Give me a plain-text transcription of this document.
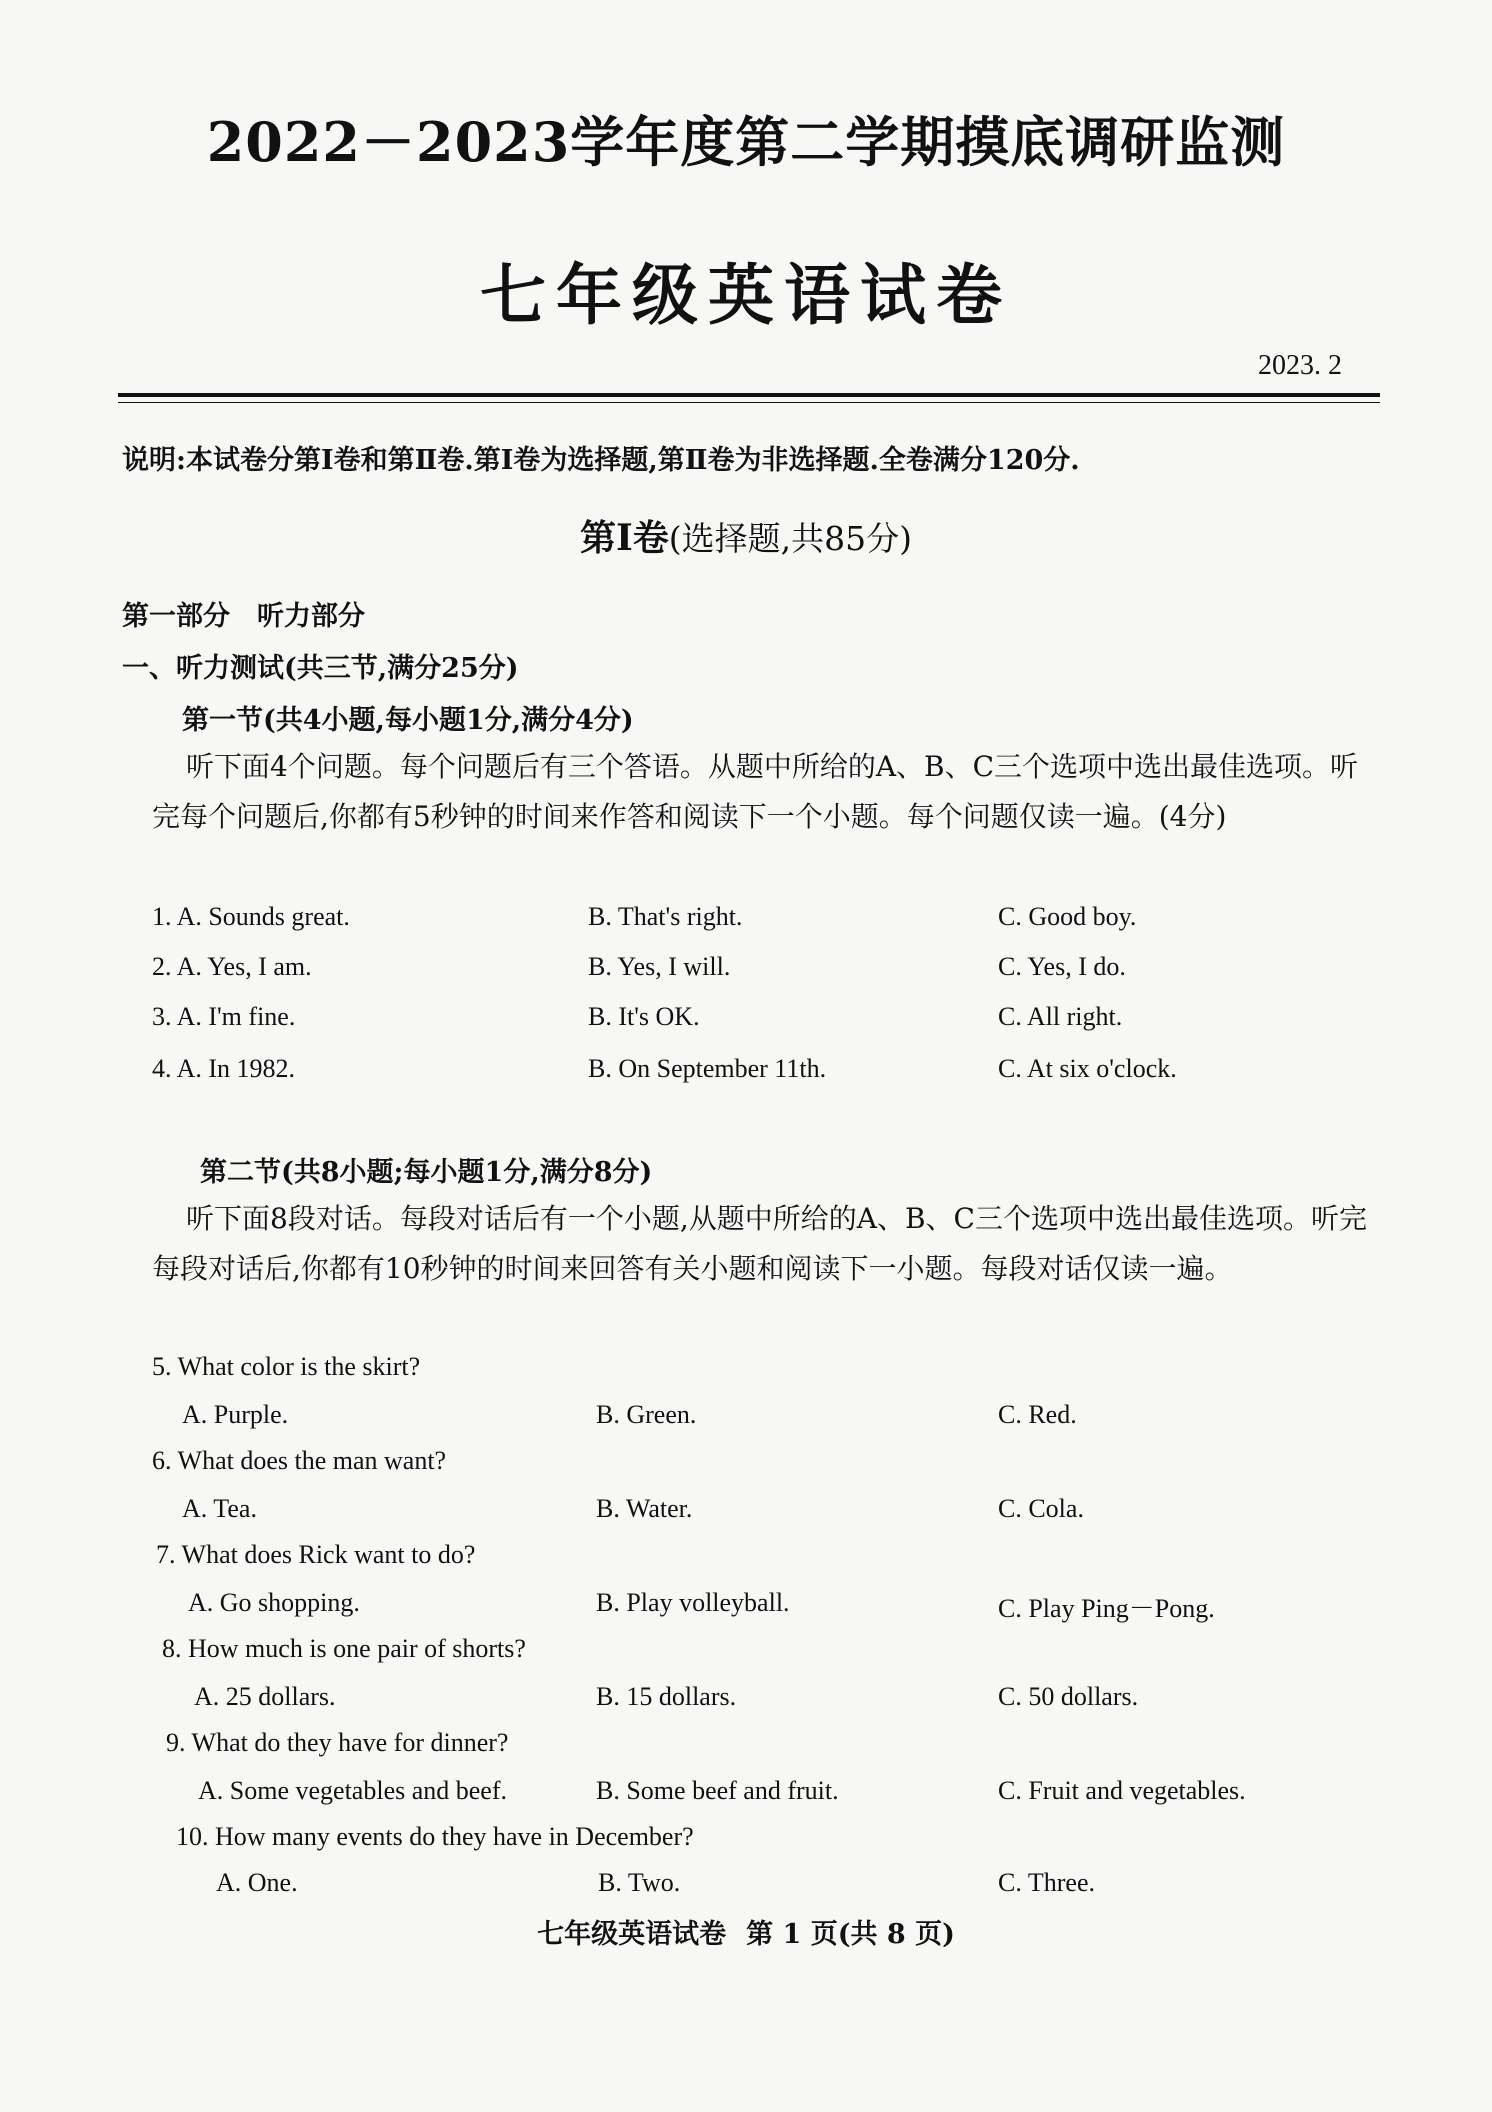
2022－2023学年度第二学期摸底调研监测
七年级英语试卷
2023. 2
说明:本试卷分第Ⅰ卷和第Ⅱ卷.第Ⅰ卷为选择题,第Ⅱ卷为非选择题.全卷满分120分.
第Ⅰ卷(选择题,共85分)
第一部分　听力部分
一、听力测试(共三节,满分25分)
第一节(共4小题,每小题1分,满分4分)
听下面4个问题。每个问题后有三个答语。从题中所给的A、B、C三个选项中选出最佳选项。听完每个问题后,你都有5秒钟的时间来作答和阅读下一个小题。每个问题仅读一遍。(4分)
1. A. Sounds great.	B. That's right.	C. Good boy.
2. A. Yes, I am.	B. Yes, I will.	C. Yes, I do.
3. A. I'm fine.	B. It's OK.	C. All right.
4. A. In 1982.	B. On September 11th.	C. At six o'clock.
第二节(共8小题;每小题1分,满分8分)
听下面8段对话。每段对话后有一个小题,从题中所给的A、B、C三个选项中选出最佳选项。听完每段对话后,你都有10秒钟的时间来回答有关小题和阅读下一小题。每段对话仅读一遍。
5. What color is the skirt?
A. Purple.	B. Green.	C. Red.
6. What does the man want?
A. Tea.	B. Water.	C. Cola.
7. What does Rick want to do?
A. Go shopping.	B. Play volleyball.	C. Play Ping－Pong.
8. How much is one pair of shorts?
A. 25 dollars.	B. 15 dollars.	C. 50 dollars.
9. What do they have for dinner?
A. Some vegetables and beef.	B. Some beef and fruit.	C. Fruit and vegetables.
10. How many events do they have in December?
A. One.	B. Two.	C. Three.
七年级英语试卷 第 1 页(共 8 页)
